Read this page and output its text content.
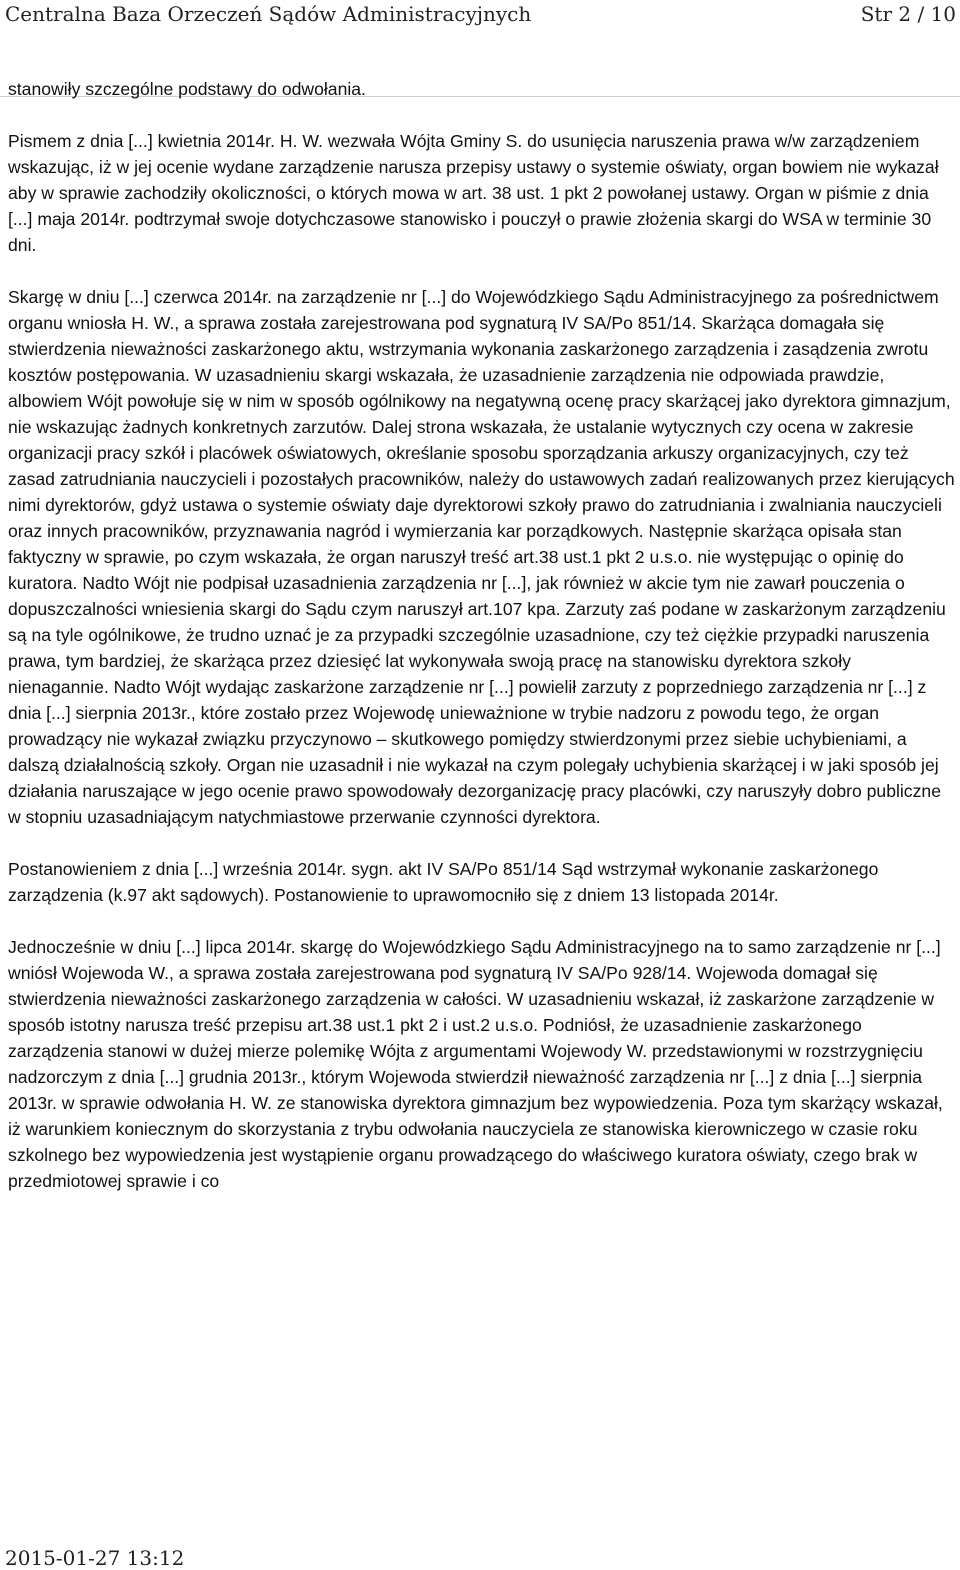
Centralna Baza Orzeczeń Sądów Administracyjnych	Str 2 / 10

stanowiły szczególne podstawy do odwołania.

Pismem z dnia [...] kwietnia 2014r. H. W. wezwała Wójta Gminy S. do usunięcia naruszenia prawa w/w zarządzeniem wskazując, iż w jej ocenie wydane zarządzenie narusza przepisy ustawy o systemie oświaty, organ bowiem nie wykazał aby w sprawie zachodziły okoliczności, o których mowa w art. 38 ust. 1 pkt 2 powołanej ustawy. Organ w piśmie z dnia [...] maja 2014r. podtrzymał swoje dotychczasowe stanowisko i pouczył o prawie złożenia skargi do WSA w terminie 30 dni.

Skargę w dniu [...] czerwca 2014r. na zarządzenie nr [...] do Wojewódzkiego Sądu Administracyjnego za pośrednictwem organu wniosła H. W., a sprawa została zarejestrowana pod sygnaturą IV SA/Po 851/14. Skarżąca domagała się stwierdzenia nieważności zaskarżonego aktu, wstrzymania wykonania zaskarżonego zarządzenia i zasądzenia zwrotu kosztów postępowania. W uzasadnieniu skargi wskazała, że uzasadnienie zarządzenia nie odpowiada prawdzie, albowiem Wójt powołuje się w nim w sposób ogólnikowy na negatywną ocenę pracy skarżącej jako dyrektora gimnazjum, nie wskazując żadnych konkretnych zarzutów. Dalej strona wskazała, że ustalanie wytycznych czy ocena w zakresie organizacji pracy szkół i placówek oświatowych, określanie sposobu sporządzania arkuszy organizacyjnych, czy też zasad zatrudniania nauczycieli i pozostałych pracowników, należy do ustawowych zadań realizowanych przez kierujących nimi dyrektorów, gdyż ustawa o systemie oświaty daje dyrektorowi szkoły prawo do zatrudniania i zwalniania nauczycieli oraz innych pracowników, przyznawania nagród i wymierzania kar porządkowych. Następnie skarżąca opisała stan faktyczny w sprawie, po czym wskazała, że organ naruszył treść art.38 ust.1 pkt 2 u.s.o. nie występując o opinię do kuratora. Nadto Wójt nie podpisał uzasadnienia zarządzenia nr [...], jak również w akcie tym nie zawarł pouczenia o dopuszczalności wniesienia skargi do Sądu czym naruszył art.107 kpa. Zarzuty zaś podane w zaskarżonym zarządzeniu są na tyle ogólnikowe, że trudno uznać je za przypadki szczególnie uzasadnione, czy też ciężkie przypadki naruszenia prawa, tym bardziej, że skarżąca przez dziesięć lat wykonywała swoją pracę na stanowisku dyrektora szkoły nienagannie. Nadto Wójt wydając zaskarżone zarządzenie nr [...] powielił zarzuty z poprzedniego zarządzenia nr [...] z dnia [...] sierpnia 2013r., które zostało przez Wojewodę unieważnione w trybie nadzoru z powodu tego, że organ prowadzący nie wykazał związku przyczynowo – skutkowego pomiędzy stwierdzonymi przez siebie uchybieniami, a dalszą działalnością szkoły. Organ nie uzasadnił i nie wykazał na czym polegały uchybienia skarżącej i w jaki sposób jej działania naruszające w jego ocenie prawo spowodowały dezorganizację pracy placówki, czy naruszyły dobro publiczne w stopniu uzasadniającym natychmiastowe przerwanie czynności dyrektora.

Postanowieniem z dnia [...] września 2014r. sygn. akt IV SA/Po 851/14 Sąd wstrzymał wykonanie zaskarżonego zarządzenia (k.97 akt sądowych). Postanowienie to uprawomocniło się z dniem 13 listopada 2014r.

Jednocześnie w dniu [...] lipca 2014r. skargę do Wojewódzkiego Sądu Administracyjnego na to samo zarządzenie nr [...] wniósł Wojewoda W., a sprawa została zarejestrowana pod sygnaturą IV SA/Po 928/14. Wojewoda domagał się stwierdzenia nieważności zaskarżonego zarządzenia w całości. W uzasadnieniu wskazał, iż zaskarżone zarządzenie w sposób istotny narusza treść przepisu art.38 ust.1 pkt 2 i ust.2 u.s.o. Podniósł, że uzasadnienie zaskarżonego zarządzenia stanowi w dużej mierze polemikę Wójta z argumentami Wojewody W. przedstawionymi w rozstrzygnięciu nadzorczym z dnia [...] grudnia 2013r., którym Wojewoda stwierdził nieważność zarządzenia nr [...] z dnia [...] sierpnia 2013r. w sprawie odwołania H. W. ze stanowiska dyrektora gimnazjum bez wypowiedzenia. Poza tym skarżący wskazał, iż warunkiem koniecznym do skorzystania z trybu odwołania nauczyciela ze stanowiska kierowniczego w czasie roku szkolnego bez wypowiedzenia jest wystąpienie organu prowadzącego do właściwego kuratora oświaty, czego brak w przedmiotowej sprawie i co

2015-01-27 13:12
